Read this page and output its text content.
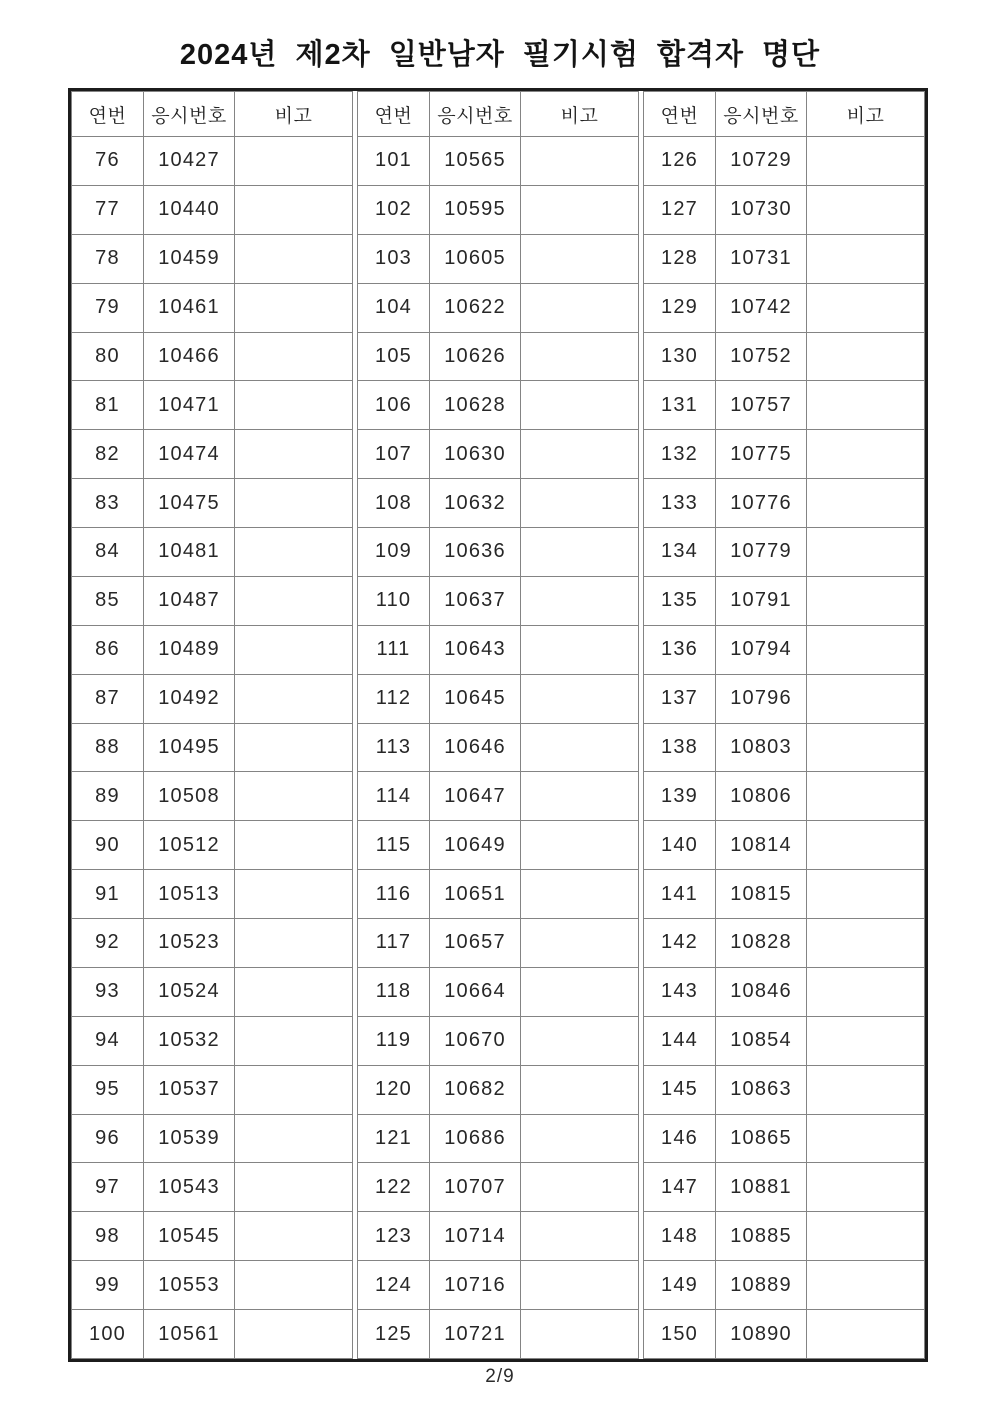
2024년 제2차 일반남자 필기시험 합격자 명단
연번	응시번호	비고
76	10427	
77	10440	
78	10459	
79	10461	
80	10466	
81	10471	
82	10474	
83	10475	
84	10481	
85	10487	
86	10489	
87	10492	
88	10495	
89	10508	
90	10512	
91	10513	
92	10523	
93	10524	
94	10532	
95	10537	
96	10539	
97	10543	
98	10545	
99	10553	
100	10561	
연번	응시번호	비고
101	10565	
102	10595	
103	10605	
104	10622	
105	10626	
106	10628	
107	10630	
108	10632	
109	10636	
110	10637	
111	10643	
112	10645	
113	10646	
114	10647	
115	10649	
116	10651	
117	10657	
118	10664	
119	10670	
120	10682	
121	10686	
122	10707	
123	10714	
124	10716	
125	10721	
연번	응시번호	비고
126	10729	
127	10730	
128	10731	
129	10742	
130	10752	
131	10757	
132	10775	
133	10776	
134	10779	
135	10791	
136	10794	
137	10796	
138	10803	
139	10806	
140	10814	
141	10815	
142	10828	
143	10846	
144	10854	
145	10863	
146	10865	
147	10881	
148	10885	
149	10889	
150	10890	
2/9
